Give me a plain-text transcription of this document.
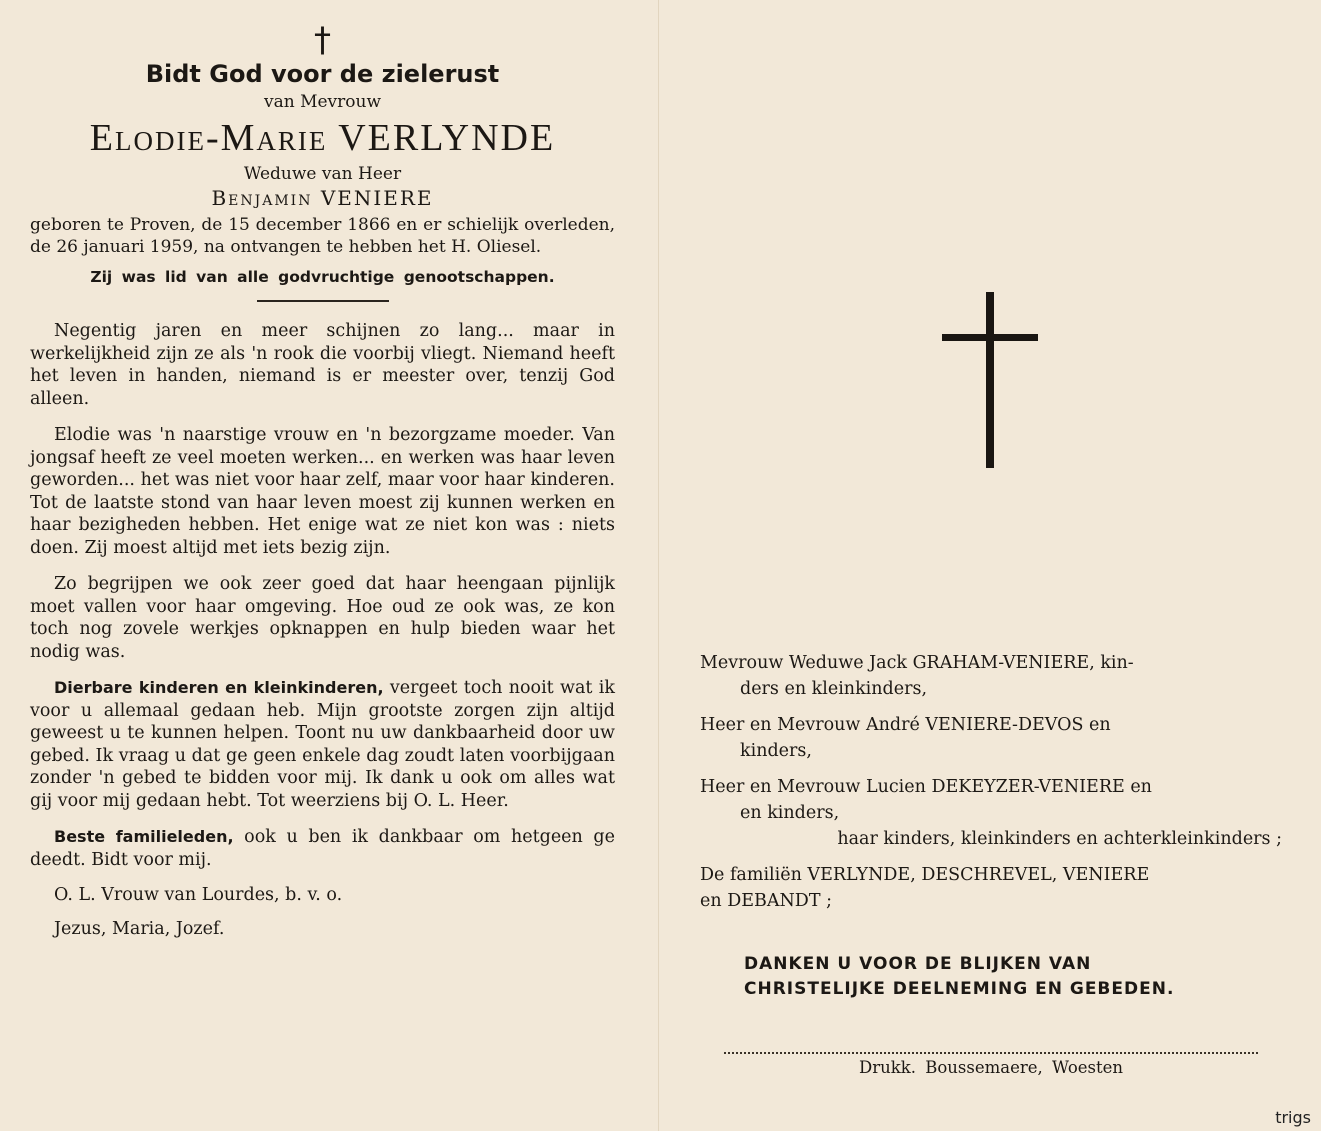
†
Bidt God voor de zielerust
van Mevrouw
Elodie-Marie VERLYNDE
Weduwe van Heer
Benjamin VENIERE
geboren te Proven, de 15 december 1866 en er schielijk overleden, de 26 januari 1959, na ontvangen te hebben het H. Oliesel.
Zij was lid van alle godvruchtige genootschappen.

Negentig jaren en meer schijnen zo lang... maar in werkelijkheid zijn ze als 'n rook die voorbij vliegt. Niemand heeft het leven in handen, niemand is er meester over, tenzij God alleen.

Elodie was 'n naarstige vrouw en 'n bezorgzame moeder. Van jongsaf heeft ze veel moeten werken... en werken was haar leven geworden... het was niet voor haar zelf, maar voor haar kinderen. Tot de laatste stond van haar leven moest zij kunnen werken en haar bezigheden hebben. Het enige wat ze niet kon was : niets doen. Zij moest altijd met iets bezig zijn.

Zo begrijpen we ook zeer goed dat haar heengaan pijnlijk moet vallen voor haar omgeving. Hoe oud ze ook was, ze kon toch nog zovele werkjes opknappen en hulp bieden waar het nodig was.

Dierbare kinderen en kleinkinderen, vergeet toch nooit wat ik voor u allemaal gedaan heb. Mijn grootste zorgen zijn altijd geweest u te kunnen helpen. Toont nu uw dankbaarheid door uw gebed. Ik vraag u dat ge geen enkele dag zoudt laten voorbijgaan zonder 'n gebed te bidden voor mij. Ik dank u ook om alles wat gij voor mij gedaan hebt. Tot weerziens bij O. L. Heer.

Beste familieleden, ook u ben ik dankbaar om hetgeen ge deedt. Bidt voor mij.

O. L. Vrouw van Lourdes, b. v. o.
Jezus, Maria, Jozef.
Mevrouw Weduwe Jack GRAHAM-VENIERE, kin-
ders en kleinkinders,
Heer en Mevrouw André VENIERE-DEVOS en
kinders,
Heer en Mevrouw Lucien DEKEYZER-VENIERE en
en kinders,
haar kinders, kleinkinders en achterkleinkinders ;
De familiën VERLYNDE, DESCHREVEL, VENIERE
en DEBANDT ;
DANKEN U VOOR DE BLIJKEN VAN
CHRISTELIJKE DEELNEMING EN GEBEDEN.
Drukk. Boussemaere, Woesten
trigs
